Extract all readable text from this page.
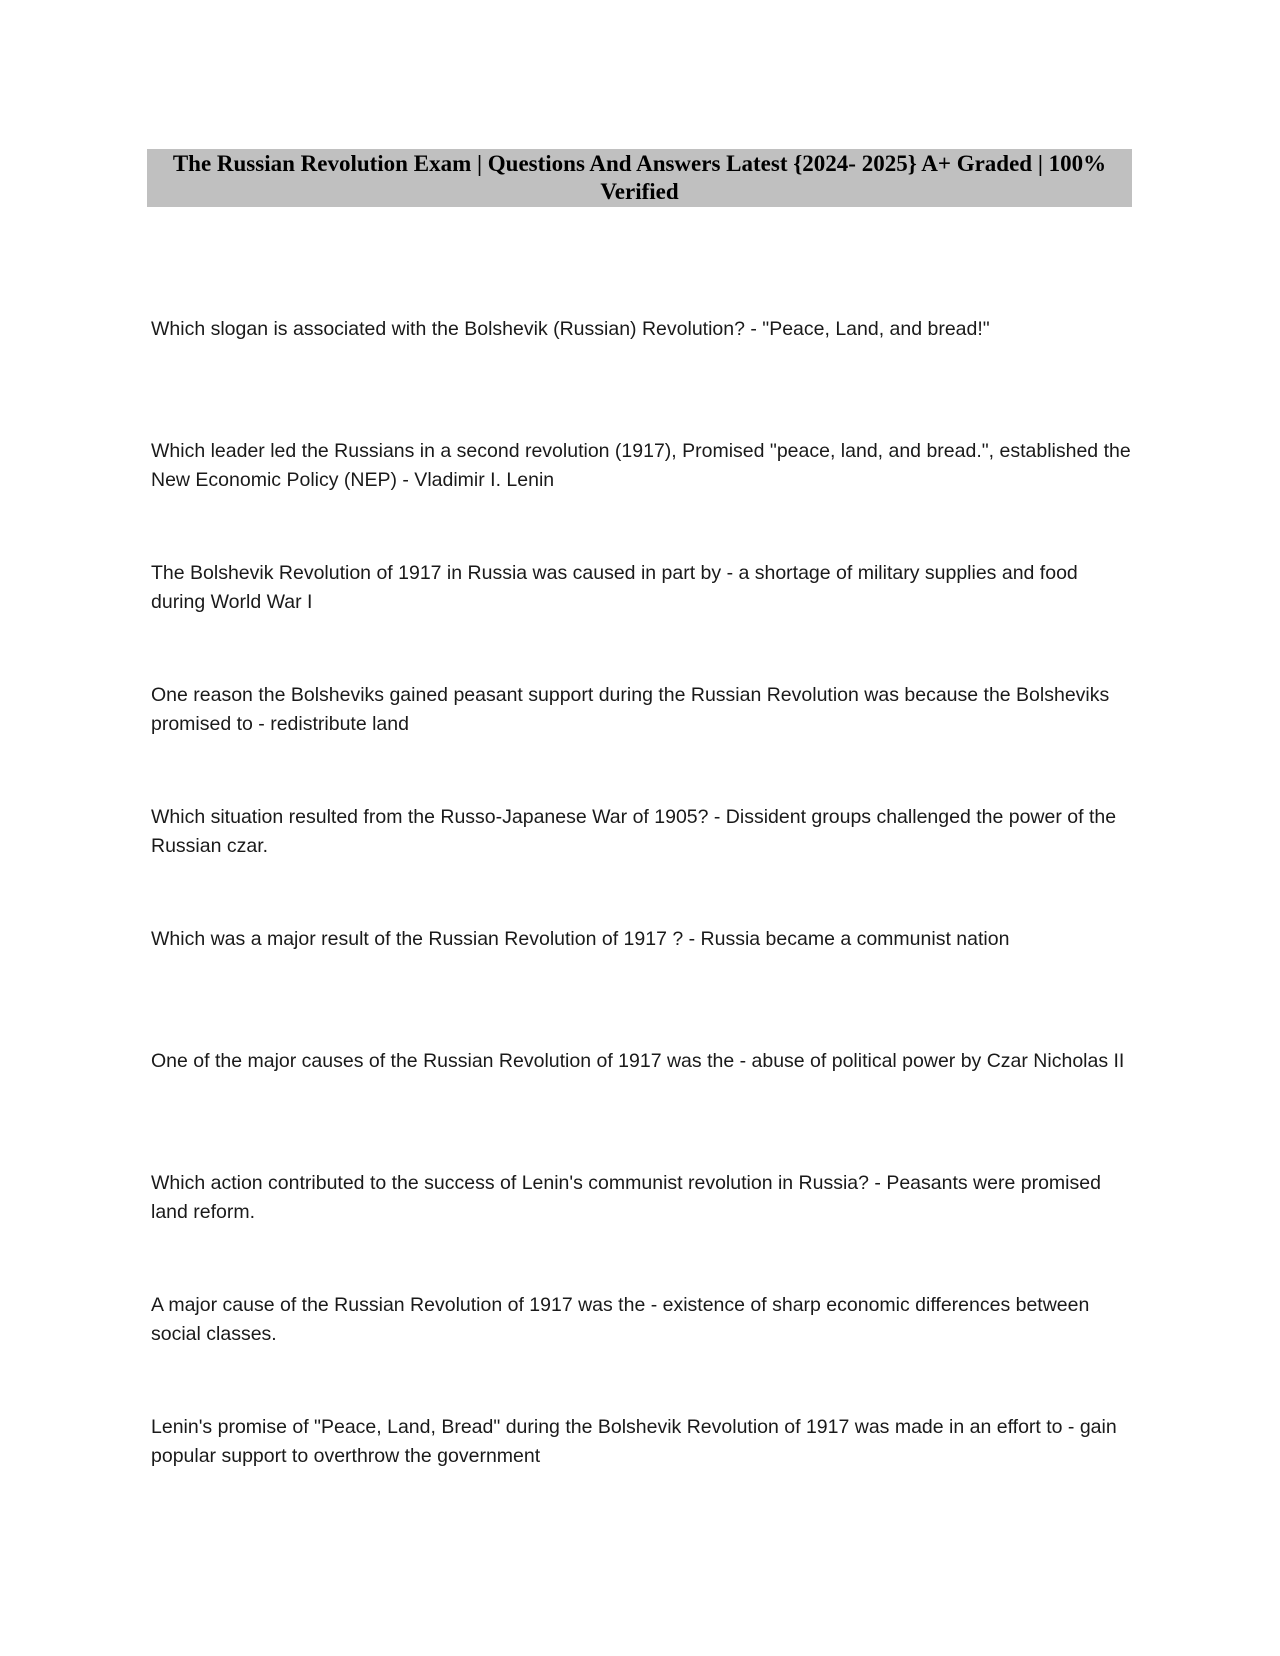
The Russian Revolution Exam | Questions And Answers Latest {2024- 2025} A+ Graded | 100% Verified
Which slogan is associated with the Bolshevik (Russian) Revolution? - "Peace, Land, and bread!"
Which leader led the Russians in a second revolution (1917), Promised "peace, land, and bread.", established the New Economic Policy (NEP) - Vladimir I. Lenin
The Bolshevik Revolution of 1917 in Russia was caused in part by - a shortage of military supplies and food during World War I
One reason the Bolsheviks gained peasant support during the Russian Revolution was because the Bolsheviks promised to - redistribute land
Which situation resulted from the Russo-Japanese War of 1905? - Dissident groups challenged the power of the Russian czar.
Which was a major result of the Russian Revolution of 1917 ? - Russia became a communist nation
One of the major causes of the Russian Revolution of 1917 was the - abuse of political power by Czar Nicholas II
Which action contributed to the success of Lenin's communist revolution in Russia? - Peasants were promised land reform.
A major cause of the Russian Revolution of 1917 was the - existence of sharp economic differences between social classes.
Lenin's promise of "Peace, Land, Bread" during the Bolshevik Revolution of 1917 was made in an effort to - gain popular support to overthrow the government
